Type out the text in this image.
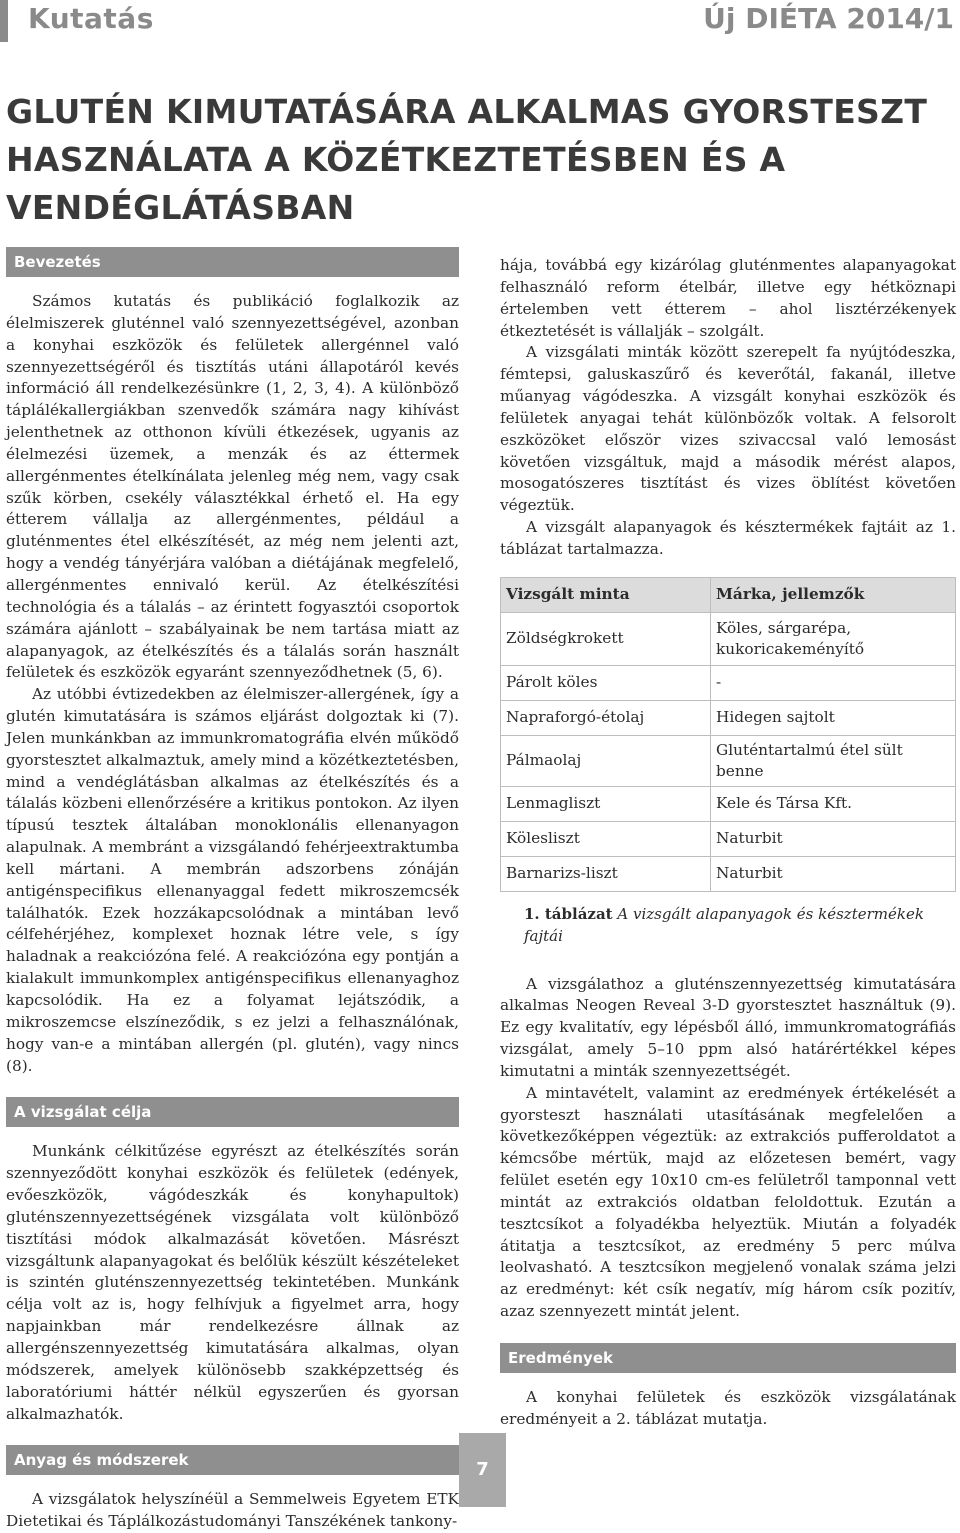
Kutatás	Új DIÉTA 2014/1
GLUTÉN KIMUTATÁSÁRA ALKALMAS GYORSTESZT
HASZNÁLATA A KÖZÉTKEZTETÉSBEN ÉS A
VENDÉGLÁTÁSBAN
Bevezetés

Számos kutatás és publikáció foglalkozik az élelmiszerek gluténnel való szennyezettségével, azonban a konyhai eszközök és felületek allergénnel való szennyezettségéről és tisztítás utáni állapotáról kevés információ áll rendelkezésünkre (1, 2, 3, 4). A különböző táplálékallergiákban szenvedők számára nagy kihívást jelenthetnek az otthonon kívüli étkezések, ugyanis az élelmezési üzemek, a menzák és az éttermek allergénmentes ételkínálata jelenleg még nem, vagy csak szűk körben, csekély választékkal érhető el. Ha egy étterem vállalja az allergénmentes, például a gluténmentes étel elkészítését, az még nem jelenti azt, hogy a vendég tányérjára valóban a diétájának megfelelő, allergénmentes ennivaló kerül. Az ételkészítési technológia és a tálalás – az érintett fogyasztói csoportok számára ajánlott – szabályainak be nem tartása miatt az alapanyagok, az ételkészítés és a tálalás során használt felületek és eszközök egyaránt szennyeződhetnek (5, 6).

Az utóbbi évtizedekben az élelmiszer-allergének, így a glutén kimutatására is számos eljárást dolgoztak ki (7). Jelen munkánkban az immunkromatográfia elvén működő gyorstesztet alkalmaztuk, amely mind a közétkeztetésben, mind a vendéglátásban alkalmas az ételkészítés és a tálalás közbeni ellenőrzésére a kritikus pontokon. Az ilyen típusú tesztek általában monoklonális ellenanyagon alapulnak. A membránt a vizsgálandó fehérjeextraktumba kell mártani. A membrán adszorbens zónáján antigénspecifikus ellenanyaggal fedett mikroszemcsék találhatók. Ezek hozzákapcsolódnak a mintában levő célfehérjéhez, komplexet hoznak létre vele, s így haladnak a reakciózóna felé. A reakciózóna egy pontján a kialakult immunkomplex antigénspecifikus ellenanyaghoz kapcsolódik. Ha ez a folyamat lejátszódik, a mikroszemcse elszíneződik, s ez jelzi a felhasználónak, hogy van-e a mintában allergén (pl. glutén), vagy nincs (8).

A vizsgálat célja

Munkánk célkitűzése egyrészt az ételkészítés során szennyeződött konyhai eszközök és felületek (edények, evőeszközök, vágódeszkák és konyhapultok) gluténszennyezettségének vizsgálata volt különböző tisztítási módok alkalmazását követően. Másrészt vizsgáltunk alapanyagokat és belőlük készült készételeket is szintén gluténszennyezettség tekintetében. Munkánk célja volt az is, hogy felhívjuk a figyelmet arra, hogy napjainkban már rendelkezésre állnak az allergénszennyezettség kimutatására alkalmas, olyan módszerek, amelyek különösebb szakképzettség és laboratóriumi háttér nélkül egyszerűen és gyorsan alkalmazhatók.

Anyag és módszerek

A vizsgálatok helyszínéül a Semmelweis Egyetem ETK Dietetikai és Táplálkozástudományi Tanszékének tankony-

hája, továbbá egy kizárólag gluténmentes alapanyagokat felhasználó reform ételbár, illetve egy hétköznapi értelemben vett étterem – ahol lisztérzékenyek étkeztetését is vállalják – szolgált.

A vizsgálati minták között szerepelt fa nyújtódeszka, fémtepsi, galuskaszűrő és keverőtál, fakanál, illetve műanyag vágódeszka. A vizsgált konyhai eszközök és felületek anyagai tehát különbözők voltak. A felsorolt eszközöket először vizes szivaccsal való lemosást követően vizsgáltuk, majd a második mérést alapos, mosogatószeres tisztítást és vizes öblítést követően végeztük.

A vizsgált alapanyagok és késztermékek fajtáit az 1. táblázat tartalmazza.

Vizsgált minta	Márka, jellemzők
Zöldségkrokett	Köles, sárgarépa, kukoricakeményítő
Párolt köles	-
Napraforgó-étolaj	Hidegen sajtolt
Pálmaolaj	Gluténtartalmú étel sült benne
Lenmagliszt	Kele és Társa Kft.
Kölesliszt	Naturbit
Barnarizs-liszt	Naturbit
1. táblázat A vizsgált alapanyagok és késztermékek fajtái

A vizsgálathoz a gluténszennyezettség kimutatására alkalmas Neogen Reveal 3-D gyorstesztet használtuk (9). Ez egy kvalitatív, egy lépésből álló, immunkromatográfiás vizsgálat, amely 5–10 ppm alsó határértékkel képes kimutatni a minták szennyezettségét.

A mintavételt, valamint az eredmények értékelését a gyorsteszt használati utasításának megfelelően a következőképpen végeztük: az extrakciós pufferoldatot a kémcsőbe mértük, majd az előzetesen bemért, vagy felület esetén egy 10x10 cm-es felületről tamponnal vett mintát az extrakciós oldatban feloldottuk. Ezután a tesztcsíkot a folyadékba helyeztük. Miután a folyadék átitatja a tesztcsíkot, az eredmény 5 perc múlva leolvasható. A tesztcsíkon megjelenő vonalak száma jelzi az eredményt: két csík negatív, míg három csík pozitív, azaz szennyezett mintát jelent.

Eredmények

A konyhai felületek és eszközök vizsgálatának eredményeit a 2. táblázat mutatja.

7
